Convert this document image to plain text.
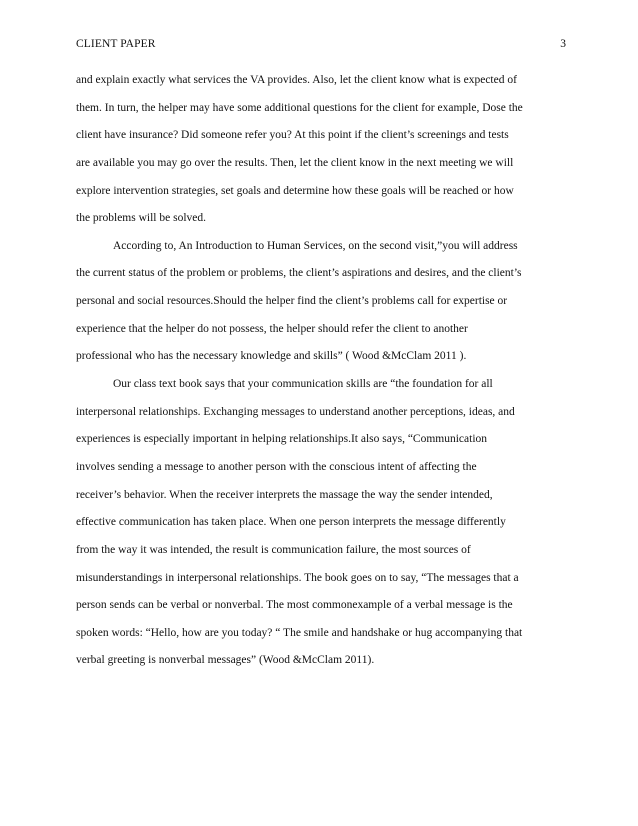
CLIENT PAPER	3
and explain exactly what services the VA provides. Also, let the client know what is expected of
them. In turn, the helper may have some additional questions for the client for example, Dose the
client have insurance? Did someone refer you? At this point if the client’s screenings and tests
are available you may go over the results. Then, let the client know in the next meeting we will
explore intervention strategies, set goals and determine how these goals will be reached or how
the problems will be solved.
According to, An Introduction to Human Services, on the second visit,”you will address
the current status of the problem or problems, the client’s aspirations and desires, and the client’s
personal and social resources.Should the helper find the client’s problems call for expertise or
experience that the helper do not possess, the helper should refer the client to another
professional who has the necessary knowledge and skills” ( Wood &McClam 2011 ).
Our class text book says that your communication skills are “the foundation for all
interpersonal relationships. Exchanging messages to understand another perceptions, ideas, and
experiences is especially important in helping relationships.It also says, “Communication
involves sending a message to another person with the conscious intent of affecting the
receiver’s behavior. When the receiver interprets the massage the way the sender intended,
effective communication has taken place. When one person interprets the message differently
from the way it was intended, the result is communication failure, the most sources of
misunderstandings in interpersonal relationships. The book goes on to say, “The messages that a
person sends can be verbal or nonverbal. The most commonexample of a verbal message is the
spoken words: “Hello, how are you today? “ The smile and handshake or hug accompanying that
verbal greeting is nonverbal messages” (Wood &McClam 2011).
